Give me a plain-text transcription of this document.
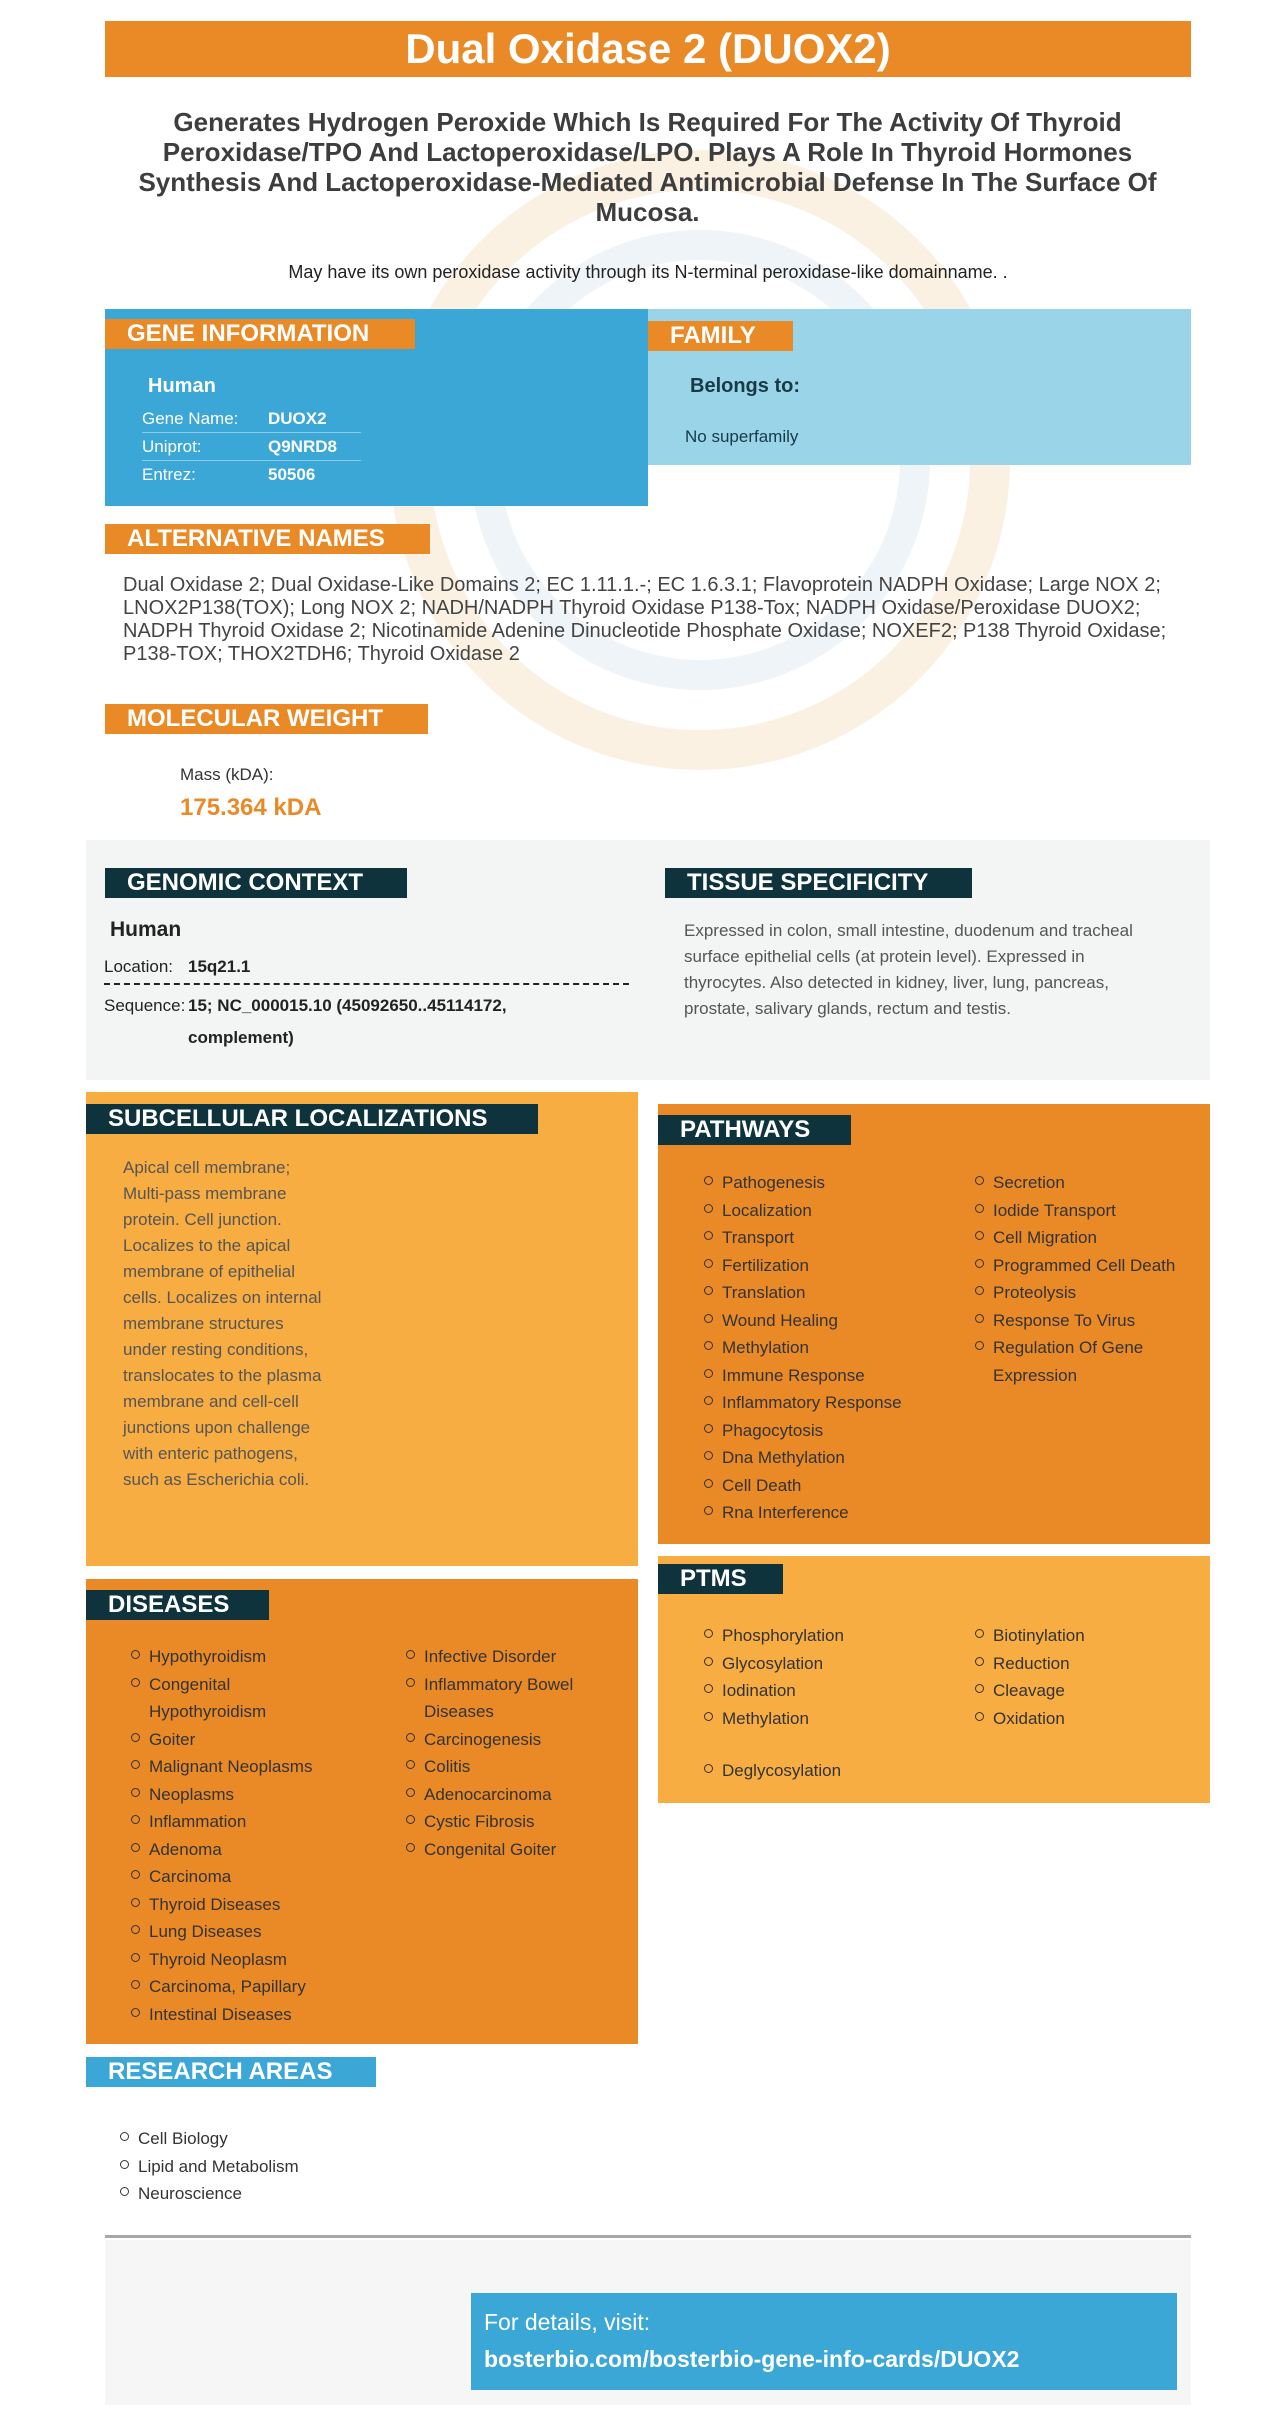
Dual Oxidase 2 (DUOX2)
Generates Hydrogen Peroxide Which Is Required For The Activity Of Thyroid Peroxidase/TPO And Lactoperoxidase/LPO. Plays A Role In Thyroid Hormones Synthesis And Lactoperoxidase-Mediated Antimicrobial Defense In The Surface Of Mucosa.
May have its own peroxidase activity through its N-terminal peroxidase-like domainname. .
GENE INFORMATION
Human
Gene Name:	DUOX2
Uniprot:	Q9NRD8
Entrez:	50506
FAMILY
Belongs to:
No superfamily
ALTERNATIVE NAMES
Dual Oxidase 2; Dual Oxidase-Like Domains 2; EC 1.11.1.-; EC 1.6.3.1; Flavoprotein NADPH Oxidase; Large NOX 2; LNOX2P138(TOX); Long NOX 2; NADH/NADPH Thyroid Oxidase P138-Tox; NADPH Oxidase/Peroxidase DUOX2; NADPH Thyroid Oxidase 2; Nicotinamide Adenine Dinucleotide Phosphate Oxidase; NOXEF2; P138 Thyroid Oxidase; P138-TOX; THOX2TDH6; Thyroid Oxidase 2
MOLECULAR WEIGHT
Mass (kDA):
175.364 kDA
GENOMIC CONTEXT
Human
Location: 15q21.1
Sequence: 15; NC_000015.10 (45092650..45114172, complement)
TISSUE SPECIFICITY
Expressed in colon, small intestine, duodenum and tracheal surface epithelial cells (at protein level). Expressed in thyrocytes. Also detected in kidney, liver, lung, pancreas, prostate, salivary glands, rectum and testis.
SUBCELLULAR LOCALIZATIONS
Apical cell membrane; Multi-pass membrane protein. Cell junction. Localizes to the apical membrane of epithelial cells. Localizes on internal membrane structures under resting conditions, translocates to the plasma membrane and cell-cell junctions upon challenge with enteric pathogens, such as Escherichia coli.
PATHWAYS
Pathogenesis
Localization
Transport
Fertilization
Translation
Wound Healing
Methylation
Immune Response
Inflammatory Response
Phagocytosis
Dna Methylation
Cell Death
Rna Interference
Secretion
Iodide Transport
Cell Migration
Programmed Cell Death
Proteolysis
Response To Virus
Regulation Of Gene Expression
PTMS
Phosphorylation
Glycosylation
Iodination
Methylation
Deglycosylation
Biotinylation
Reduction
Cleavage
Oxidation
DISEASES
Hypothyroidism
Congenital Hypothyroidism
Goiter
Malignant Neoplasms
Neoplasms
Inflammation
Adenoma
Carcinoma
Thyroid Diseases
Lung Diseases
Thyroid Neoplasm
Carcinoma, Papillary
Intestinal Diseases
Infective Disorder
Inflammatory Bowel Diseases
Carcinogenesis
Colitis
Adenocarcinoma
Cystic Fibrosis
Congenital Goiter
RESEARCH AREAS
Cell Biology
Lipid and Metabolism
Neuroscience
For details, visit:
bosterbio.com/bosterbio-gene-info-cards/DUOX2
